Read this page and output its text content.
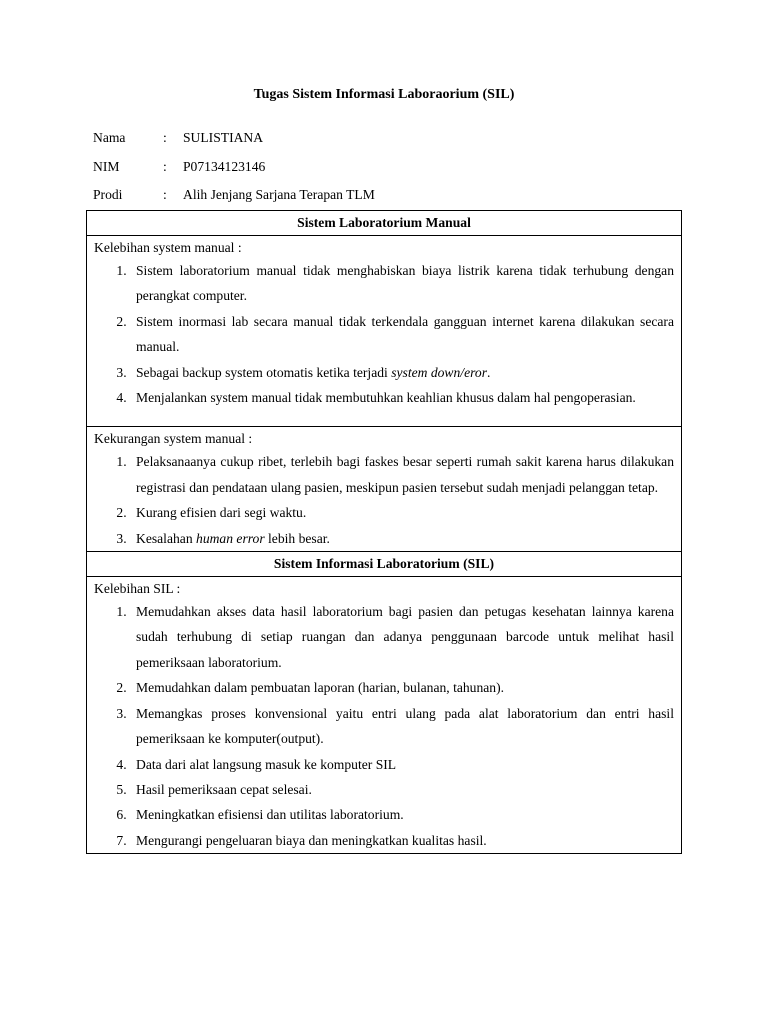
Tugas Sistem Informasi Laboraorium (SIL)
Nama	:	SULISTIANA
NIM	:	P07134123146
Prodi	:	Alih Jenjang Sarjana Terapan TLM
Sistem Laboratorium Manual

Kelebihan system manual :
1. Sistem laboratorium manual tidak menghabiskan biaya listrik karena tidak terhubung dengan perangkat computer.
2. Sistem inormasi lab secara manual tidak terkendala gangguan internet karena dilakukan secara manual.
3. Sebagai backup system otomatis ketika terjadi system down/eror.
4. Menjalankan system manual tidak membutuhkan keahlian khusus dalam hal pengoperasian.

Kekurangan system manual :
1. Pelaksanaanya cukup ribet, terlebih bagi faskes besar seperti rumah sakit karena harus dilakukan registrasi dan pendataan ulang pasien, meskipun pasien tersebut sudah menjadi pelanggan tetap.
2. Kurang efisien dari segi waktu.
3. Kesalahan human error lebih besar.

Sistem Informasi Laboratorium (SIL)

Kelebihan SIL :
1. Memudahkan akses data hasil laboratorium bagi pasien dan petugas kesehatan lainnya karena sudah terhubung di setiap ruangan dan adanya penggunaan barcode untuk melihat hasil pemeriksaan laboratorium.
2. Memudahkan dalam pembuatan laporan (harian, bulanan, tahunan).
3. Memangkas proses konvensional yaitu entri ulang pada alat laboratorium dan entri hasil pemeriksaan ke komputer(output).
4. Data dari alat langsung masuk ke komputer SIL
5. Hasil pemeriksaan cepat selesai.
6. Meningkatkan efisiensi dan utilitas laboratorium.
7. Mengurangi pengeluaran biaya dan meningkatkan kualitas hasil.
